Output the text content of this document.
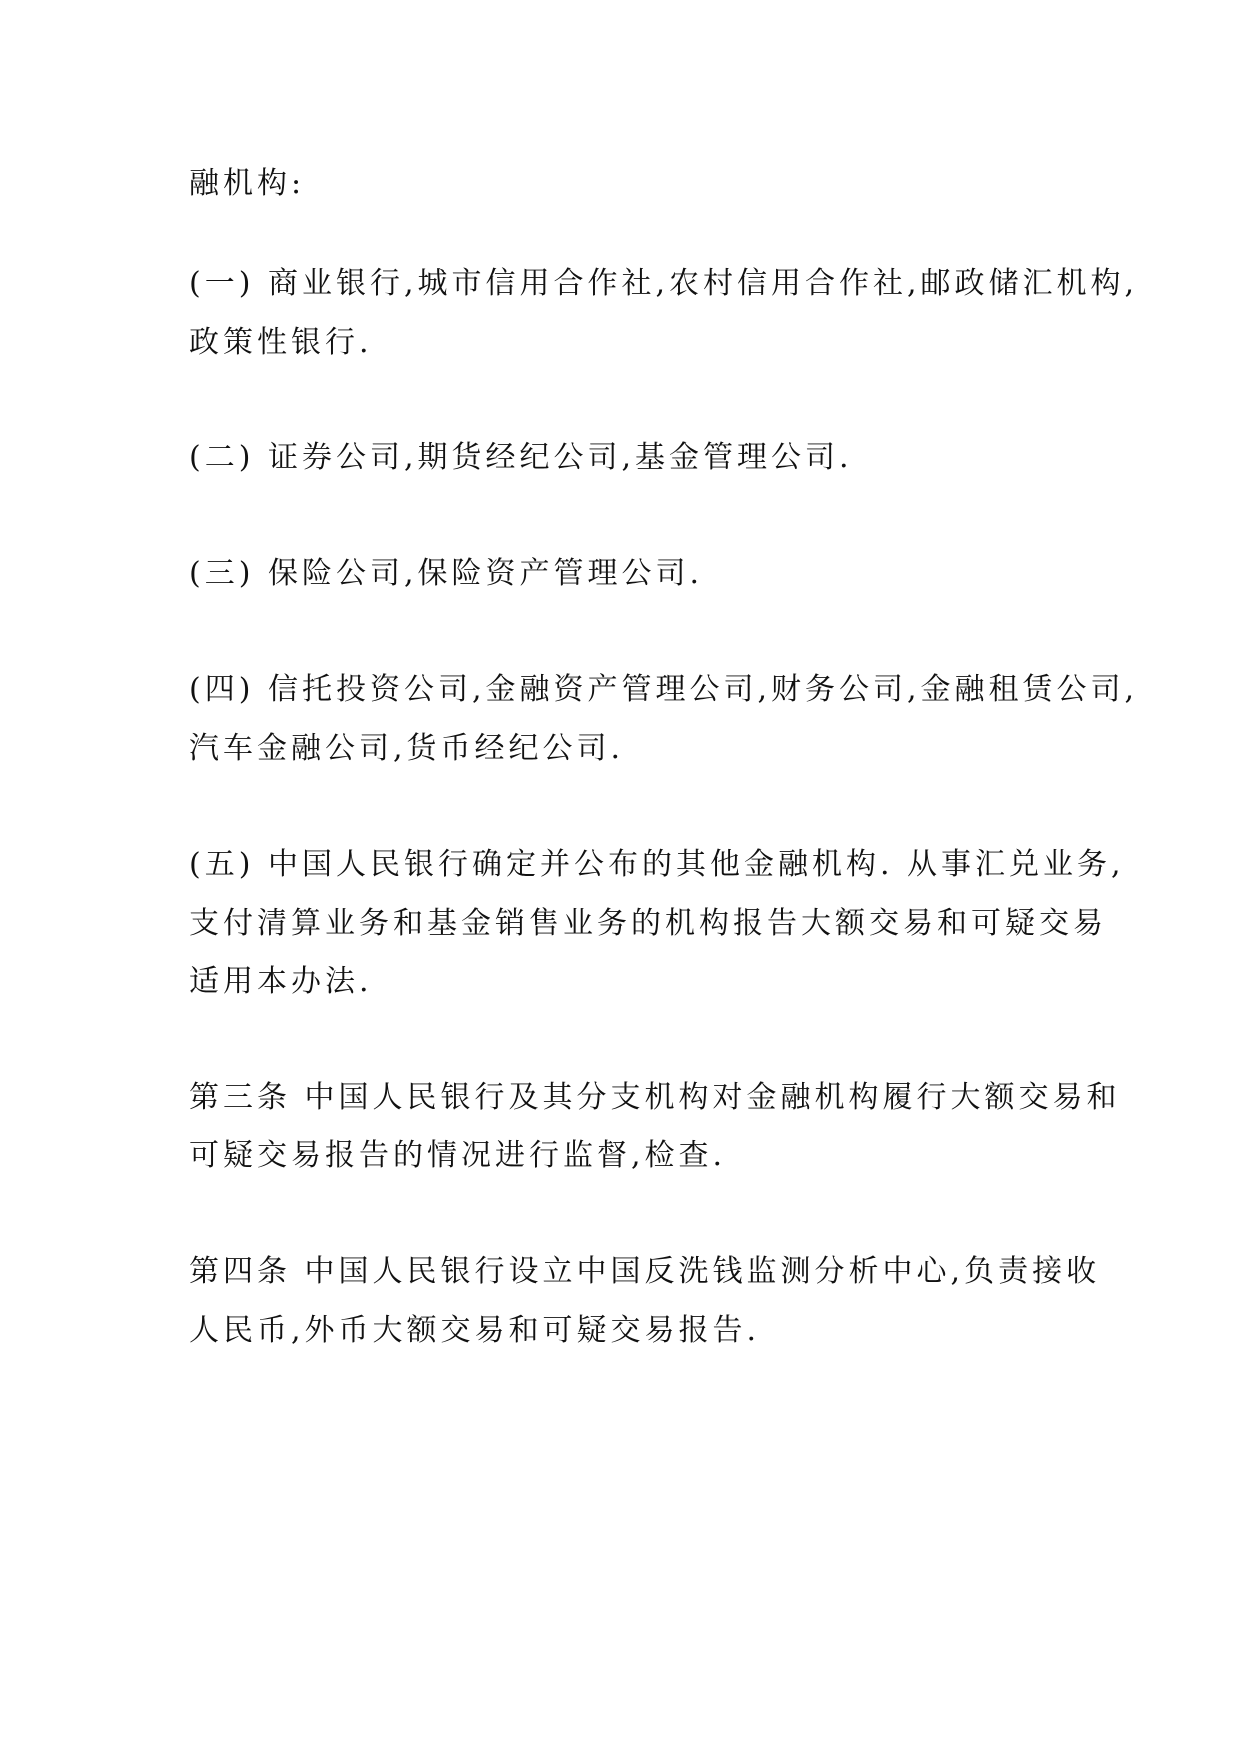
融机构:
(一) 商业银行,城市信用合作社,农村信用合作社,邮政储汇机构,
政策性银行.
(二) 证券公司,期货经纪公司,基金管理公司.
(三) 保险公司,保险资产管理公司.
(四) 信托投资公司,金融资产管理公司,财务公司,金融租赁公司,
汽车金融公司,货币经纪公司.
(五) 中国人民银行确定并公布的其他金融机构. 从事汇兑业务,
支付清算业务和基金销售业务的机构报告大额交易和可疑交易
适用本办法.
第三条 中国人民银行及其分支机构对金融机构履行大额交易和
可疑交易报告的情况进行监督,检查.
第四条 中国人民银行设立中国反洗钱监测分析中心,负责接收
人民币,外币大额交易和可疑交易报告.
